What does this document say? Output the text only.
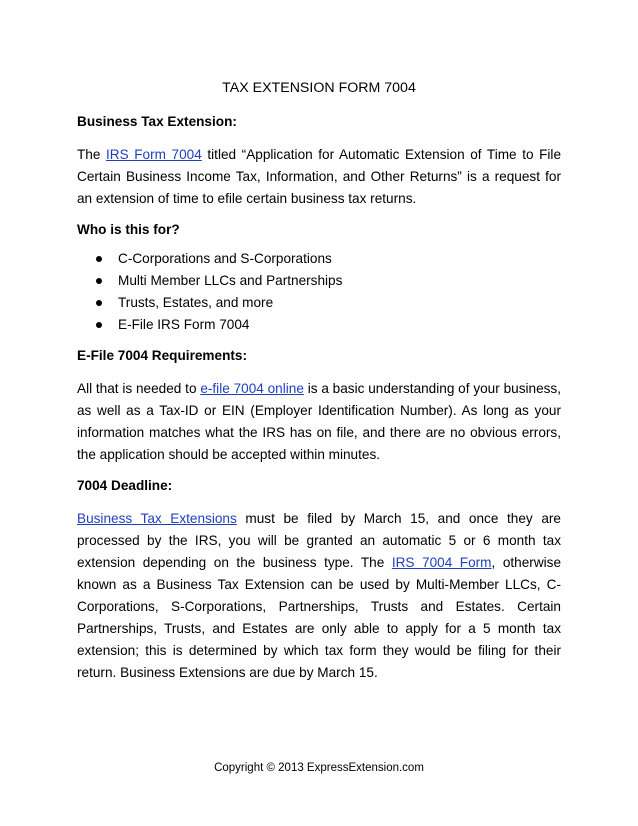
TAX EXTENSION FORM 7004
Business Tax Extension:

The IRS Form 7004 titled “Application for Automatic Extension of Time to File Certain Business Income Tax, Information, and Other Returns” is a request for an extension of time to efile certain business tax returns.

Who is this for?
C-Corporations and S-Corporations
Multi Member LLCs and Partnerships
Trusts, Estates, and more
E-File IRS Form 7004
E-File 7004 Requirements:

All that is needed to e-file 7004 online is a basic understanding of your business, as well as a Tax-ID or EIN (Employer Identification Number). As long as your information matches what the IRS has on file, and there are no obvious errors, the application should be accepted within minutes.

7004 Deadline:

Business Tax Extensions must be filed by March 15, and once they are processed by the IRS, you will be granted an automatic 5 or 6 month tax extension depending on the business type. The IRS 7004 Form, otherwise known as a Business Tax Extension can be used by Multi-Member LLCs, C-Corporations, S-Corporations, Partnerships, Trusts and Estates. Certain Partnerships, Trusts, and Estates are only able to apply for a 5 month tax extension; this is determined by which tax form they would be filing for their return. Business Extensions are due by March 15.

Copyright © 2013 ExpressExtension.com
